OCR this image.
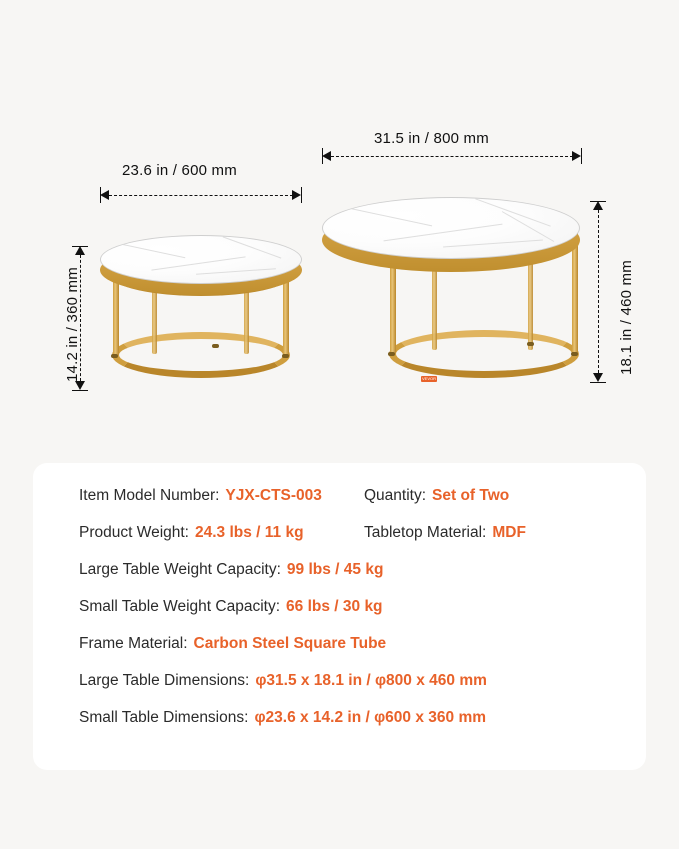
31.5 in / 800 mm
23.6 in / 600 mm
14.2 in / 360 mm	18.1 in / 460 mm
VEVOR
Item Model Number: YJX-CTS-003	Quantity: Set of Two
Product Weight: 24.3 lbs / 11 kg	Tabletop Material: MDF
Large Table Weight Capacity: 99 lbs / 45 kg
Small Table Weight Capacity: 66 lbs / 30 kg
Frame Material: Carbon Steel Square Tube
Large Table Dimensions: φ31.5 x 18.1 in / φ800 x 460 mm
Small Table Dimensions: φ23.6 x 14.2 in / φ600 x 360 mm
